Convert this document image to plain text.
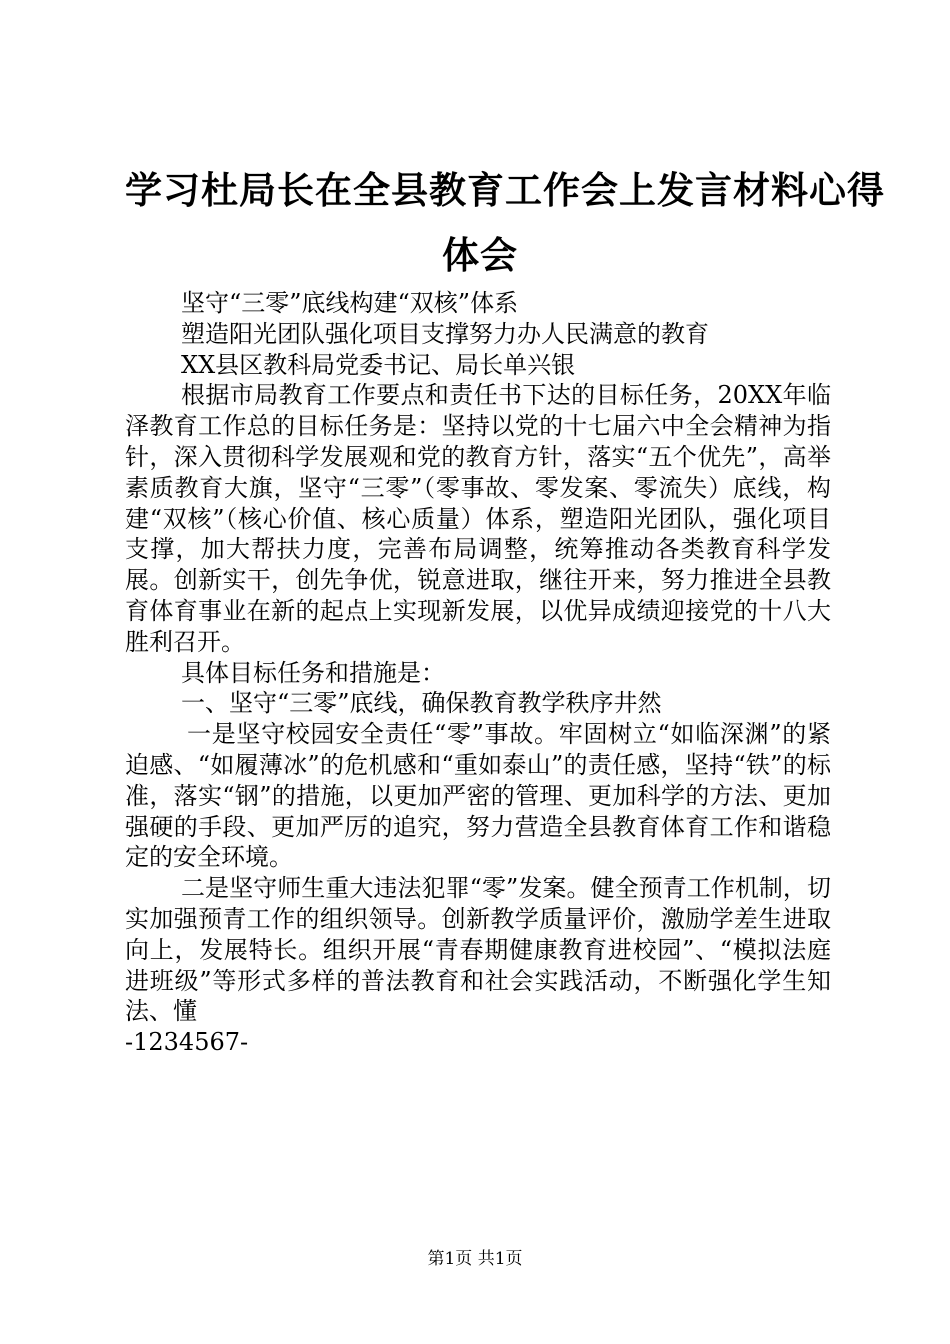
学习杜局长在全县教育工作会上发言材料心得
体会

坚守“三零”底线构建“双核”体系

塑造阳光团队强化项目支撑努力办人民满意的教育

XX县区教科局党委书记、局长单兴银

根据市局教育工作要点和责任书下达的目标任务，20XX年临泽教育工作总的目标任务是：坚持以党的十七届六中全会精神为指针，深入贯彻科学发展观和党的教育方针，落实“五个优先”，高举素质教育大旗，坚守“三零”（零事故、零发案、零流失）底线，构建“双核”（核心价值、核心质量）体系，塑造阳光团队，强化项目支撑，加大帮扶力度，完善布局调整，统筹推动各类教育科学发展。创新实干，创先争优，锐意进取，继往开来，努力推进全县教育体育事业在新的起点上实现新发展，以优异成绩迎接党的十八大胜利召开。

具体目标任务和措施是：

一、坚守“三零”底线，确保教育教学秩序井然

一是坚守校园安全责任“零”事故。牢固树立“如临深渊”的紧迫感、“如履薄冰”的危机感和“重如泰山”的责任感，坚持“铁”的标准，落实“钢”的措施，以更加严密的管理、更加科学的方法、更加强硬的手段、更加严厉的追究，努力营造全县教育体育工作和谐稳定的安全环境。

二是坚守师生重大违法犯罪“零”发案。健全预青工作机制，切实加强预青工作的组织领导。创新教学质量评价，激励学差生进取向上，发展特长。组织开展“青春期健康教育进校园”、“模拟法庭进班级”等形式多样的普法教育和社会实践活动，不断强化学生知法、懂

-1234567-

第1页 共1页
